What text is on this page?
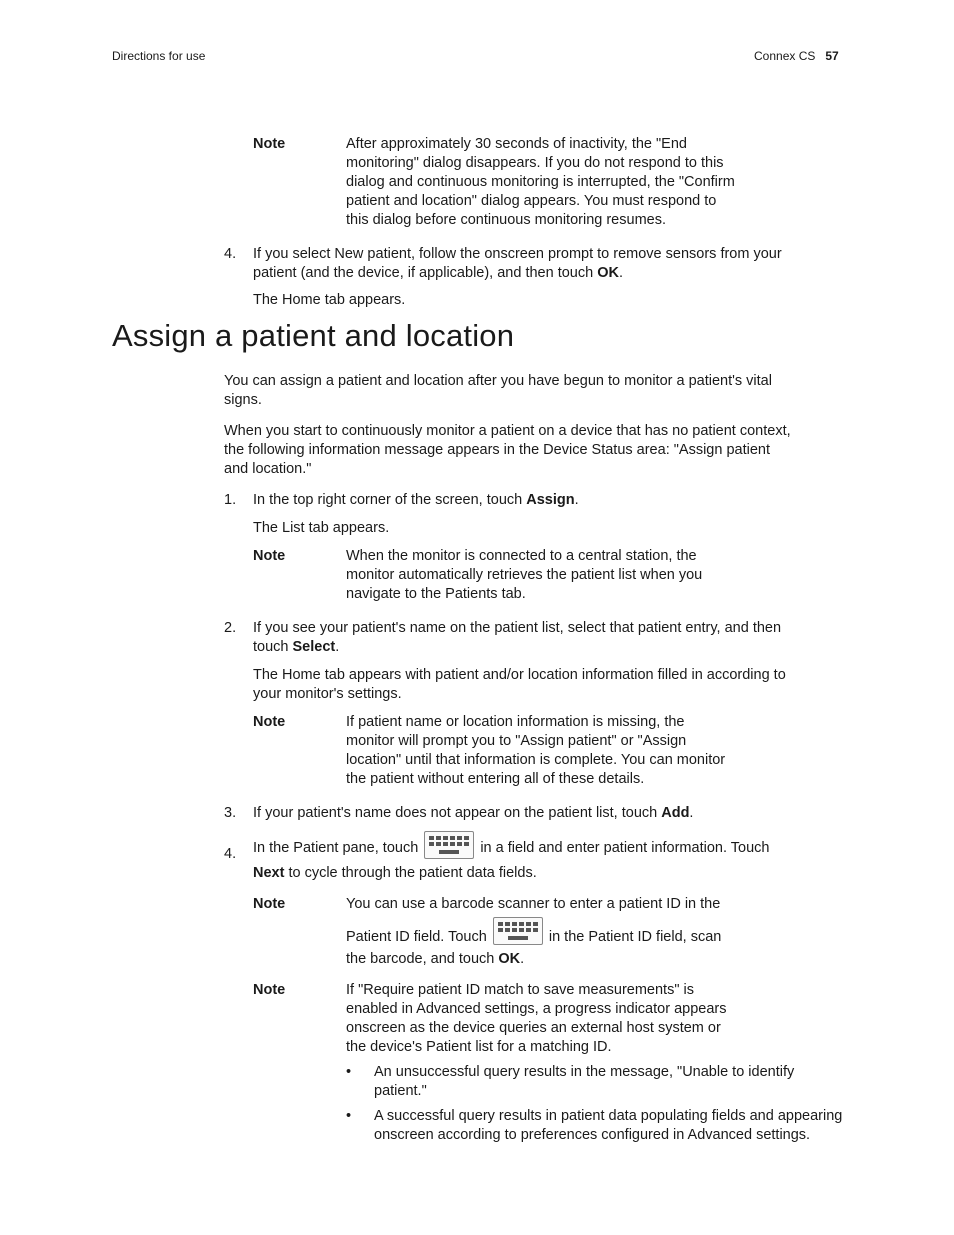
Directions for use	Connex CS 57
Note	After approximately 30 seconds of inactivity, the "End
monitoring" dialog disappears. If you do not respond to this
dialog and continuous monitoring is interrupted, the "Confirm
patient and location" dialog appears. You must respond to
this dialog before continuous monitoring resumes.
4. If you select New patient, follow the onscreen prompt to remove sensors from your
patient (and the device, if applicable), and then touch OK.
The Home tab appears.
Assign a patient and location
You can assign a patient and location after you have begun to monitor a patient's vital
signs.
When you start to continuously monitor a patient on a device that has no patient context,
the following information message appears in the Device Status area: "Assign patient
and location."
1. In the top right corner of the screen, touch Assign.
The List tab appears.
Note	When the monitor is connected to a central station, the
monitor automatically retrieves the patient list when you
navigate to the Patients tab.
2. If you see your patient's name on the patient list, select that patient entry, and then
touch Select.
The Home tab appears with patient and/or location information filled in according to
your monitor's settings.
Note	If patient name or location information is missing, the
monitor will prompt you to "Assign patient" or "Assign
location" until that information is complete. You can monitor
the patient without entering all of these details.
3. If your patient's name does not appear on the patient list, touch Add.
4. In the Patient pane, touch	in a field and enter patient information. Touch
Next to cycle through the patient data fields.
Note	You can use a barcode scanner to enter a patient ID in the
Patient ID field. Touch	in the Patient ID field, scan
the barcode, and touch OK.
Note	If "Require patient ID match to save measurements" is
enabled in Advanced settings, a progress indicator appears
onscreen as the device queries an external host system or
the device's Patient list for a matching ID.
• An unsuccessful query results in the message, "Unable to identify
patient."
• A successful query results in patient data populating fields and appearing
onscreen according to preferences configured in Advanced settings.
